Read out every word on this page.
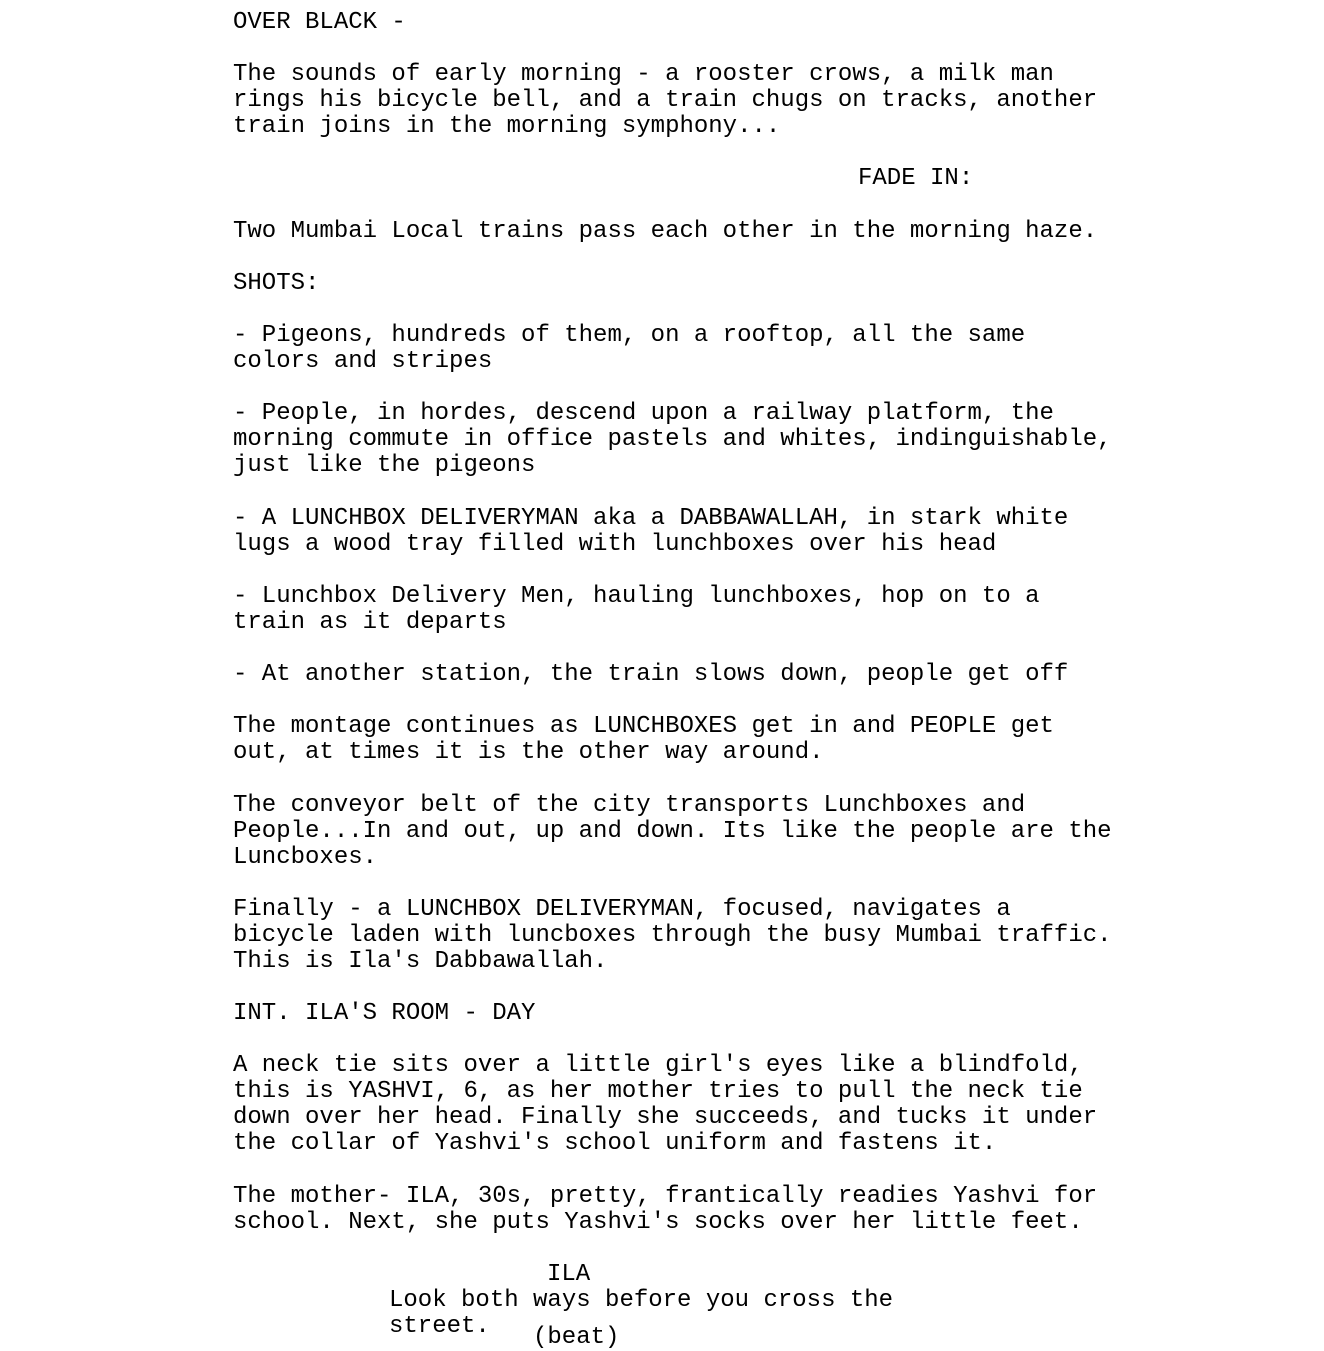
OVER BLACK -
The sounds of early morning - a rooster crows, a milk man
rings his bicycle bell, and a train chugs on tracks, another
train joins in the morning symphony...
FADE IN:
Two Mumbai Local trains pass each other in the morning haze.
SHOTS:
- Pigeons, hundreds of them, on a rooftop, all the same
colors and stripes
- People, in hordes, descend upon a railway platform, the
morning commute in office pastels and whites, indinguishable,
just like the pigeons
- A LUNCHBOX DELIVERYMAN aka a DABBAWALLAH, in stark white
lugs a wood tray filled with lunchboxes over his head
- Lunchbox Delivery Men, hauling lunchboxes, hop on to a
train as it departs
- At another station, the train slows down, people get off
The montage continues as LUNCHBOXES get in and PEOPLE get
out, at times it is the other way around.
The conveyor belt of the city transports Lunchboxes and
People...In and out, up and down. Its like the people are the
Luncboxes.
Finally - a LUNCHBOX DELIVERYMAN, focused, navigates a
bicycle laden with luncboxes through the busy Mumbai traffic.
This is Ila's Dabbawallah.
INT. ILA'S ROOM - DAY
A neck tie sits over a little girl's eyes like a blindfold,
this is YASHVI, 6, as her mother tries to pull the neck tie
down over her head. Finally she succeeds, and tucks it under
the collar of Yashvi's school uniform and fastens it.
The mother- ILA, 30s, pretty, frantically readies Yashvi for
school. Next, she puts Yashvi's socks over her little feet.
ILA
Look both ways before you cross the
street. (beat)
